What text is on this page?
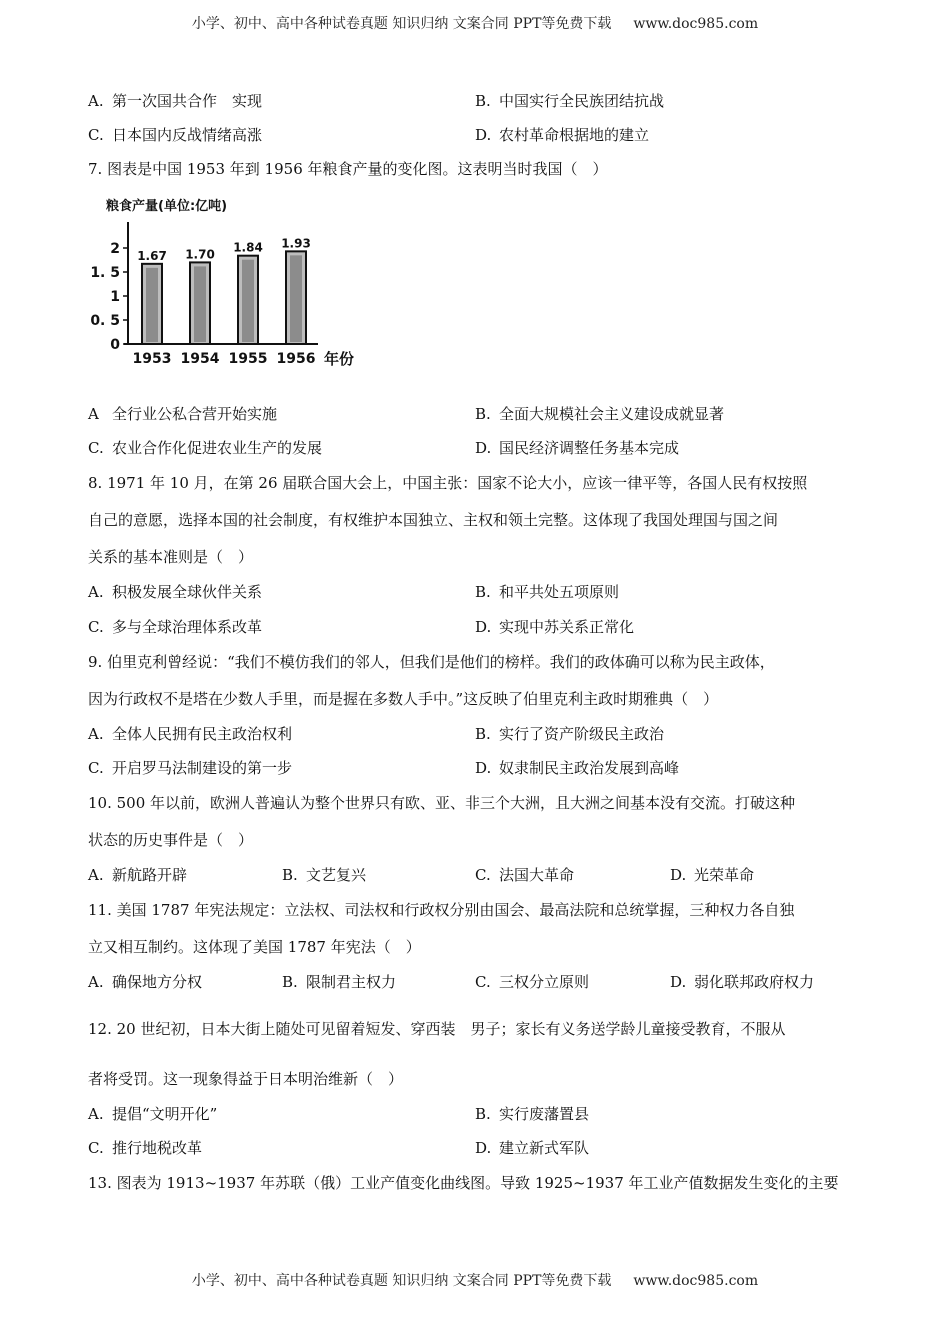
小学、初中、高中各种试卷真题 知识归纳 文案合同 PPT等免费下载 www.doc985.com
A. 第一次国共合作　实现	B. 中国实行全民族团结抗战
C. 日本国内反战情绪高涨	D. 农村革命根据地的建立
7. 图表是中国 1953 年到 1956 年粮食产量的变化图。这表明当时我国（　）
粮食产量(单位:亿吨)
年份
0
0. 5
1
1. 5
2 1.67
1953
1.70
1954
1.84
1955
1.93
1956
A 全行业公私合营开始实施	B. 全面大规模社会主义建设成就显著
C. 农业合作化促进农业生产的发展	D. 国民经济调整任务基本完成
8. 1971 年 10 月，在第 26 届联合国大会上，中国主张：国家不论大小，应该一律平等，各国人民有权按照
自己的意愿，选择本国的社会制度，有权维护本国独立、主权和领土完整。这体现了我国处理国与国之间
关系的基本准则是（　）
A. 积极发展全球伙伴关系	B. 和平共处五项原则
C. 多与全球治理体系改革	D. 实现中苏关系正常化
9. 伯里克利曾经说：“我们不模仿我们的邻人，但我们是他们的榜样。我们的政体确可以称为民主政体，
因为行政权不是塔在少数人手里，而是握在多数人手中。”这反映了伯里克利主政时期雅典（　）
A. 全体人民拥有民主政治权利	B. 实行了资产阶级民主政治
C. 开启罗马法制建设的第一步	D. 奴隶制民主政治发展到高峰
10. 500 年以前，欧洲人普遍认为整个世界只有欧、亚、非三个大洲，且大洲之间基本没有交流。打破这种
状态的历史事件是（　）
A. 新航路开辟	B. 文艺复兴	C. 法国大革命	D. 光荣革命
11. 美国 1787 年宪法规定：立法权、司法权和行政权分别由国会、最高法院和总统掌握，三种权力各自独
立又相互制约。这体现了美国 1787 年宪法（　）
A. 确保地方分权	B. 限制君主权力	C. 三权分立原则	D. 弱化联邦政府权力
12. 20 世纪初，日本大街上随处可见留着短发、穿西装　男子；家长有义务送学龄儿童接受教育，不服从
者将受罚。这一现象得益于日本明治维新（　）
A. 提倡“文明开化”	B. 实行废藩置县
C. 推行地税改革	D. 建立新式军队
13. 图表为 1913~1937 年苏联（俄）工业产值变化曲线图。导致 1925~1937 年工业产值数据发生变化的主要
小学、初中、高中各种试卷真题 知识归纳 文案合同 PPT等免费下载 www.doc985.com
